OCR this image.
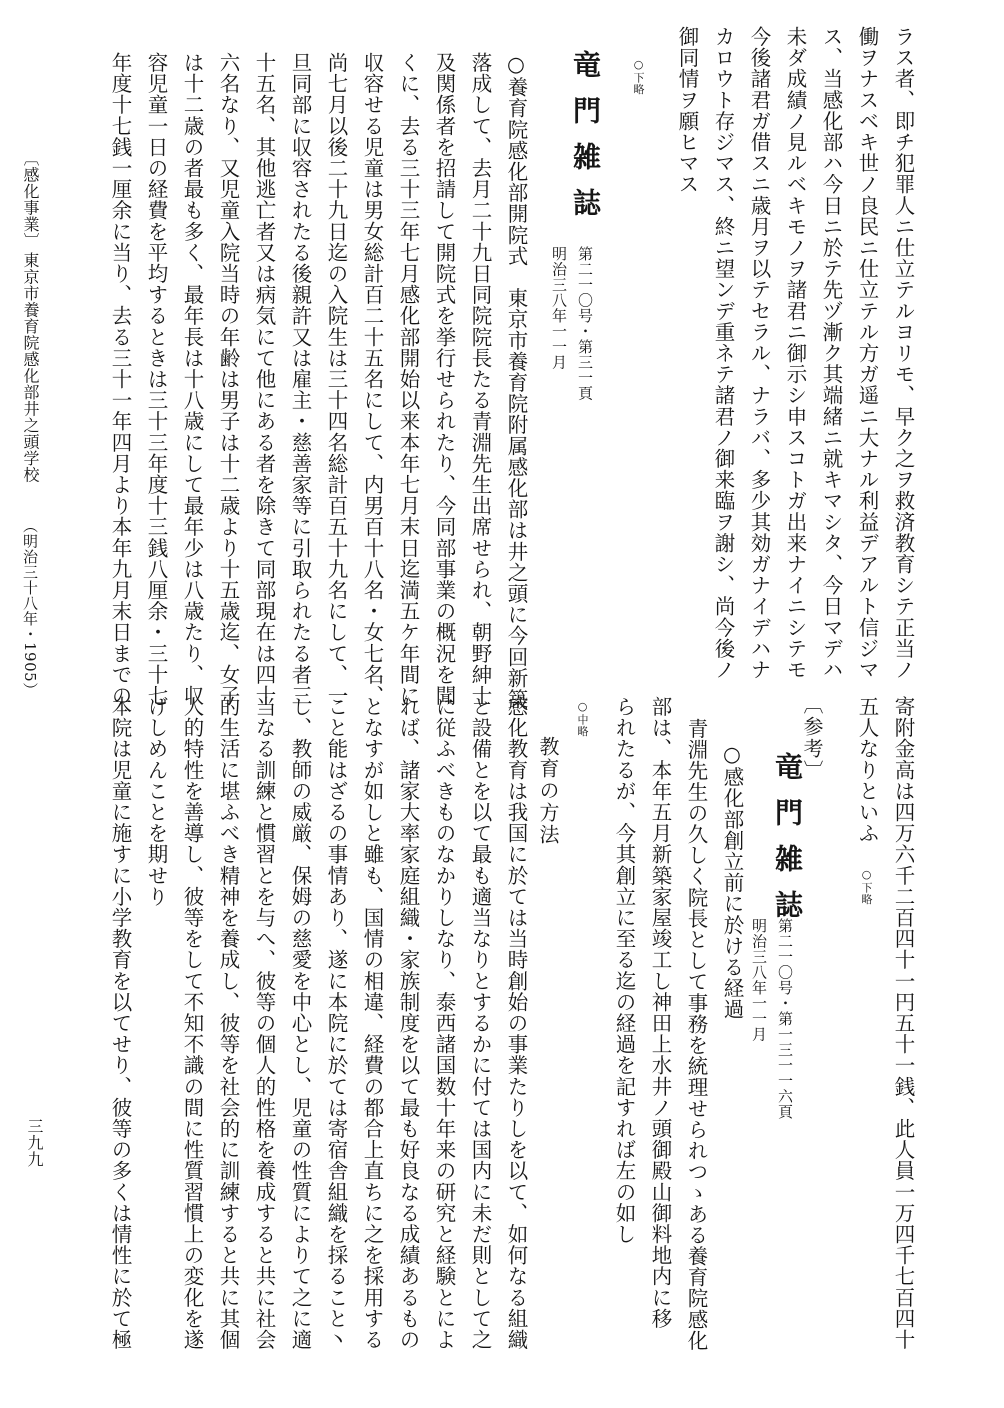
ラス者、即チ犯罪人ニ仕立テルヨリモ、早ク之ヲ救済教育シテ正当ノ
働ヲナスベキ世ノ良民ニ仕立テル方ガ遥ニ大ナル利益デアルト信ジマ
ス、当感化部ハ今日ニ於テ先ヅ漸ク其端緒ニ就キマシタ、今日マデハ
未ダ成績ノ見ルベキモノヲ諸君ニ御示シ申スコトガ出来ナイニシテモ
今後諸君ガ借スニ歳月ヲ以テセラル、ナラバ、多少其効ガナイデハナ
カロウト存ジマス、終ニ望ンデ重ネテ諸君ノ御来臨ヲ謝シ、尚今後ノ
御同情ヲ願ヒマス
○下略
竜門雑誌
第二一〇号・第三一頁
明治三八年一一月
○養育院感化部開院式　東京市養育院附属感化部は井之頭に今回新築
落成して、去月二十九日同院院長たる青淵先生出席せられ、朝野紳士
及関係者を招請して開院式を挙行せられたり、今同部事業の概況を聞
くに、去る三十三年七月感化部開始以来本年七月末日迄満五ケ年間に
収容せる児童は男女総計百二十五名にして、内男百十八名・女七名、
尚七月以後二十九日迄の入院生は三十四名総計百五十九名にして、一
旦同部に収容されたる後親許又は雇主・慈善家等に引取られたる者三
十五名、其他逃亡者又は病気にて他にある者を除きて同部現在は四十
六名なり、又児童入院当時の年齢は男子は十二歳より十五歳迄、女子
は十二歳の者最も多く、最年長は十八歳にして最年少は八歳たり、収
容児童一日の経費を平均するときは三十三年度十三銭八厘余・三十七
年度十七銭一厘余に当り、去る三十一年四月より本年九月末日までの
寄附金高は四万六千二百四十一円五十一銭、此人員一万四千七百四十
五人なりといふ
○下略
〔参考〕
竜門雑誌
第二一〇号・第一三一一六頁
明治三八年一一月
○感化部創立前に於ける経過
青淵先生の久しく院長として事務を統理せられつゝある養育院感化
部は、本年五月新築家屋竣工し神田上水井ノ頭御殿山御料地内に移
られたるが、今其創立に至る迄の経過を記すれば左の如し
○中略
教育の方法
感化教育は我国に於ては当時創始の事業たりしを以て、如何なる組織
と設備とを以て最も適当なりとするかに付ては国内に未だ則として之
に従ふべきものなかりしなり、泰西諸国数十年来の研究と経験とによ
れば、諸家大率家庭組織・家族制度を以て最も好良なる成績あるもの
となすが如しと雖も、国情の相違、経費の都合上直ちに之を採用する
こと能はざるの事情あり、遂に本院に於ては寄宿舎組織を採ること丶
し、教師の威厳、保姆の慈愛を中心とし、児童の性質によりて之に適
当なる訓練と慣習とを与へ、彼等の個人的性格を養成すると共に社会
的生活に堪ふべき精神を養成し、彼等を社会的に訓練すると共に其個
人的特性を善導し、彼等をして不知不識の間に性質習慣上の変化を遂
げしめんことを期せり
本院は児童に施すに小学教育を以てせり、彼等の多くは情性に於て極
〔感化事業〕
東京市養育院感化部井之頭学校
（明治三十八年・1905）
三九九
